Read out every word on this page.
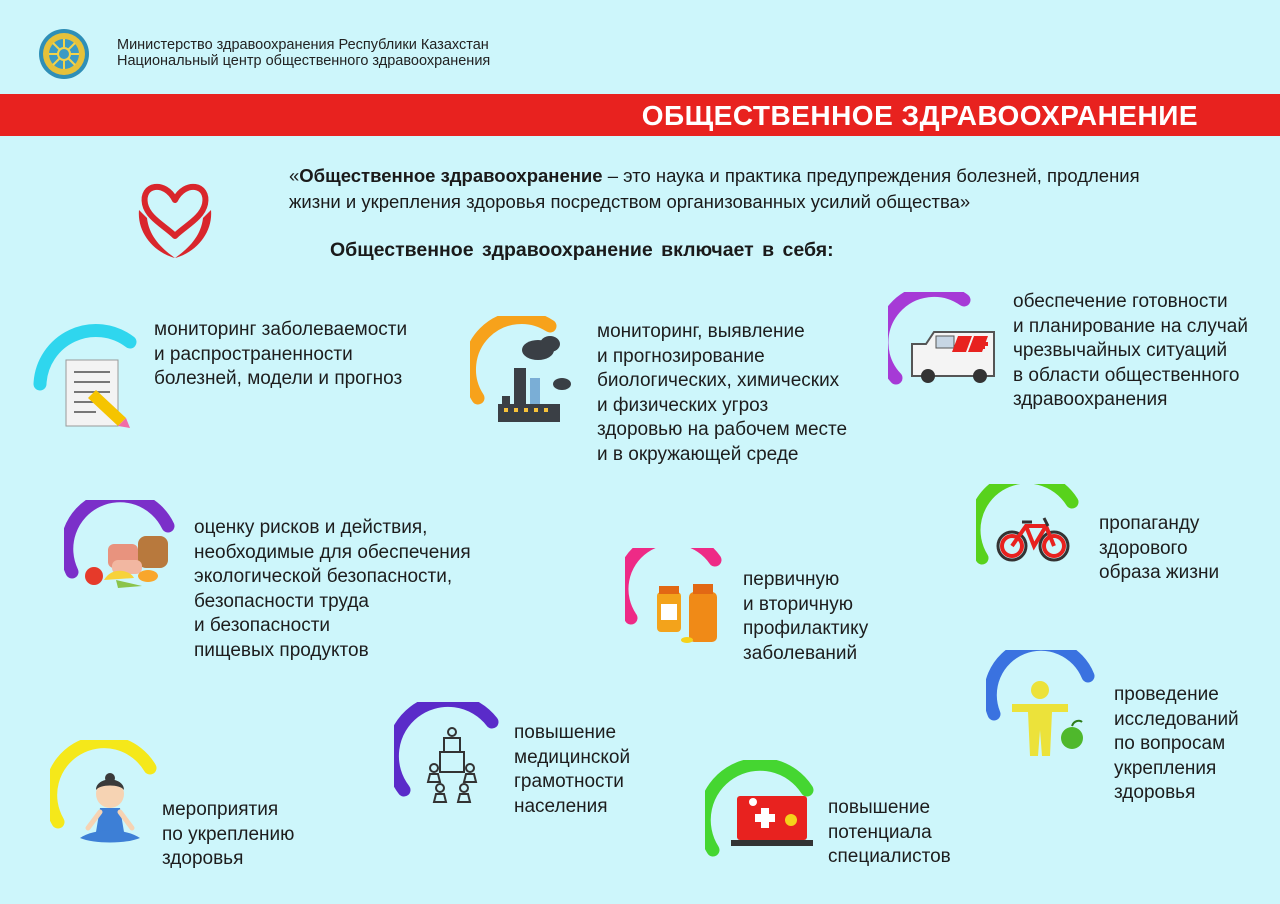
Министерство здравоохранения Республики Казахстан
Национальный центр общественного здравоохранения
ОБЩЕСТВЕННОЕ ЗДРАВООХРАНЕНИЕ
«Общественное здравоохранение – это наука и практика предупреждения болезней, продления жизни и укрепления здоровья посредством организованных усилий общества»
Общественное здравоохранение включает в себя:
мониторинг заболеваемости
и распространенности
болезней, модели и прогноз
мониторинг, выявление
и прогнозирование
биологических, химических
и физических угроз
здоровью на рабочем месте
и в окружающей среде
обеспечение готовности
и планирование на случай
чрезвычайных ситуаций
в области общественного
здравоохранения
оценку рисков и действия,
необходимые для обеспечения
экологической безопасности,
безопасности труда
и безопасности
пищевых продуктов
первичную
и вторичную
профилактику
заболеваний
пропаганду
здорового
образа жизни
проведение
исследований
по вопросам
укрепления
здоровья
повышение
медицинской
грамотности
населения	повышение
потенциала
специалистов
мероприятия
по укреплению
здоровья
